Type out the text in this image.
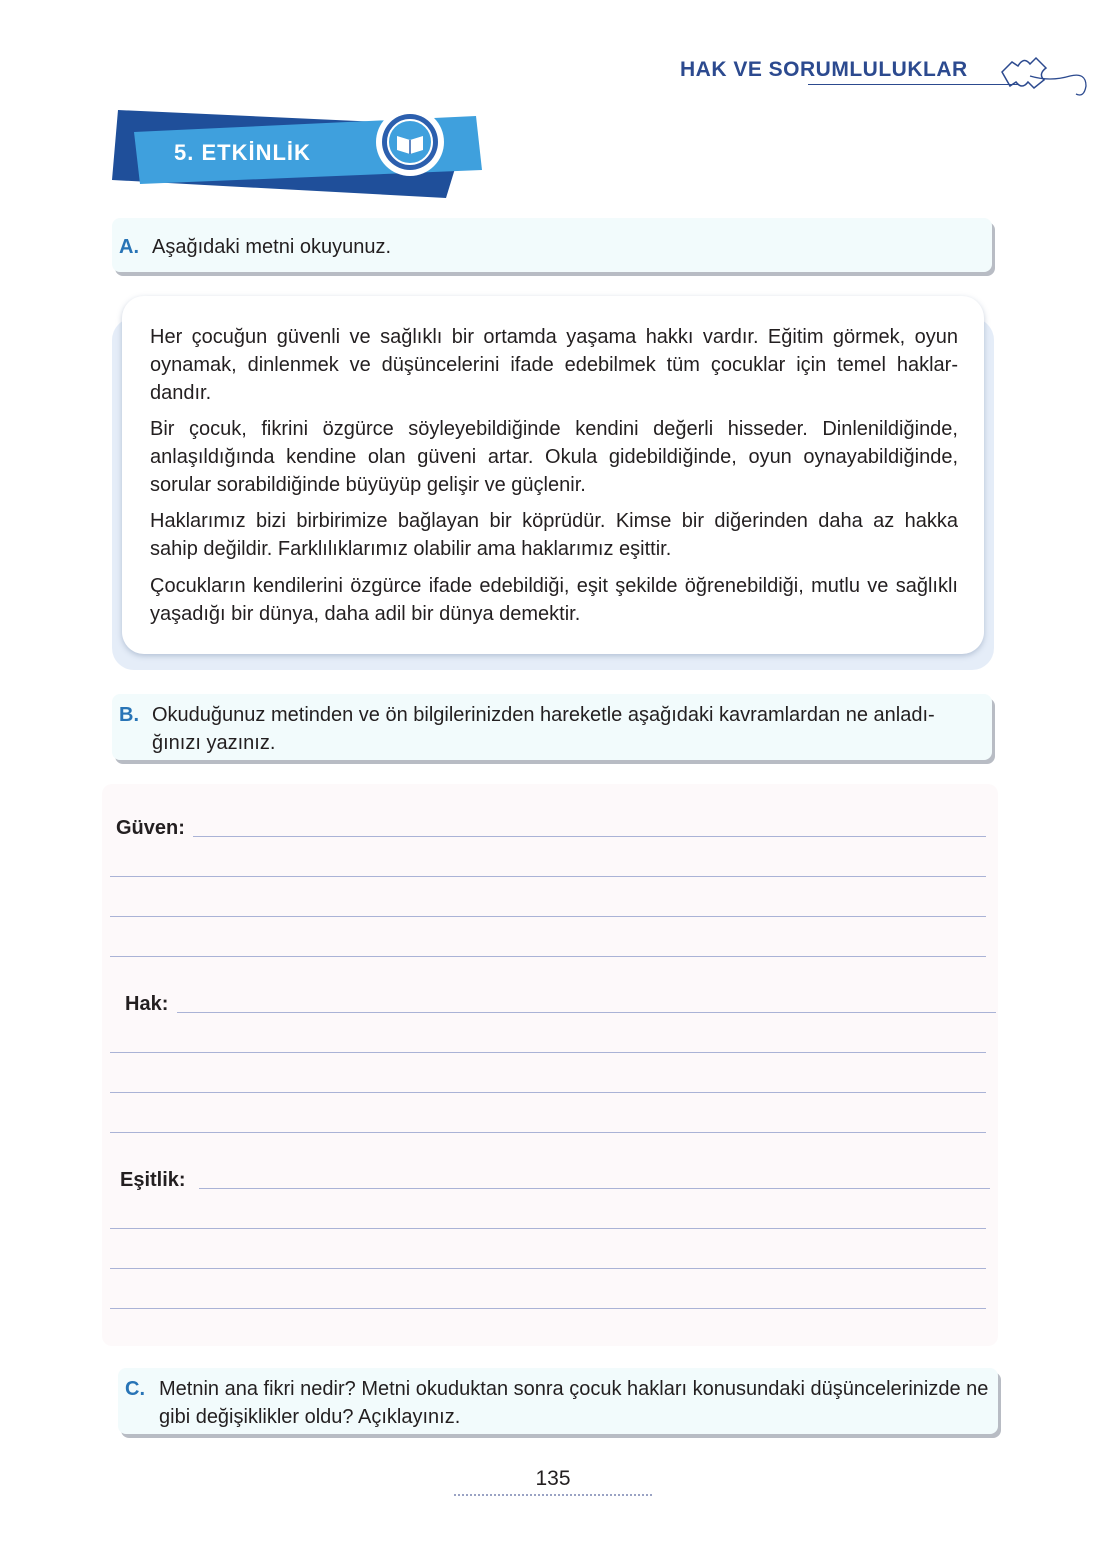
HAK VE SORUMLULUKLAR
5. ETKİNLİK
A. Aşağıdaki metni okuyunuz.
Her çocuğun güvenli ve sağlıklı bir ortamda yaşama hakkı vardır. Eğitim görmek, oyun oynamak, dinlenmek ve düşüncelerini ifade edebilmek tüm çocuklar için temel haklar-dandır.
Bir çocuk, fikrini özgürce söyleyebildiğinde kendini değerli hisseder. Dinlenildiğinde, anlaşıldığında kendine olan güveni artar. Okula gidebildiğinde, oyun oynayabildiğinde, sorular sorabildiğinde büyüyüp gelişir ve güçlenir.
Haklarımız bizi birbirimize bağlayan bir köprüdür. Kimse bir diğerinden daha az hakka sahip değildir. Farklılıklarımız olabilir ama haklarımız eşittir.
Çocukların kendilerini özgürce ifade edebildiği, eşit şekilde öğrenebildiği, mutlu ve sağlıklı yaşadığı bir dünya, daha adil bir dünya demektir.
B. Okuduğunuz metinden ve ön bilgilerinizden hareketle aşağıdaki kavramlardan ne anladı-ğınızı yazınız.
Güven:
Hak:
Eşitlik:
C. Metnin ana fikri nedir? Metni okuduktan sonra çocuk hakları konusundaki düşüncelerinizde ne gibi değişiklikler oldu? Açıklayınız.
135
